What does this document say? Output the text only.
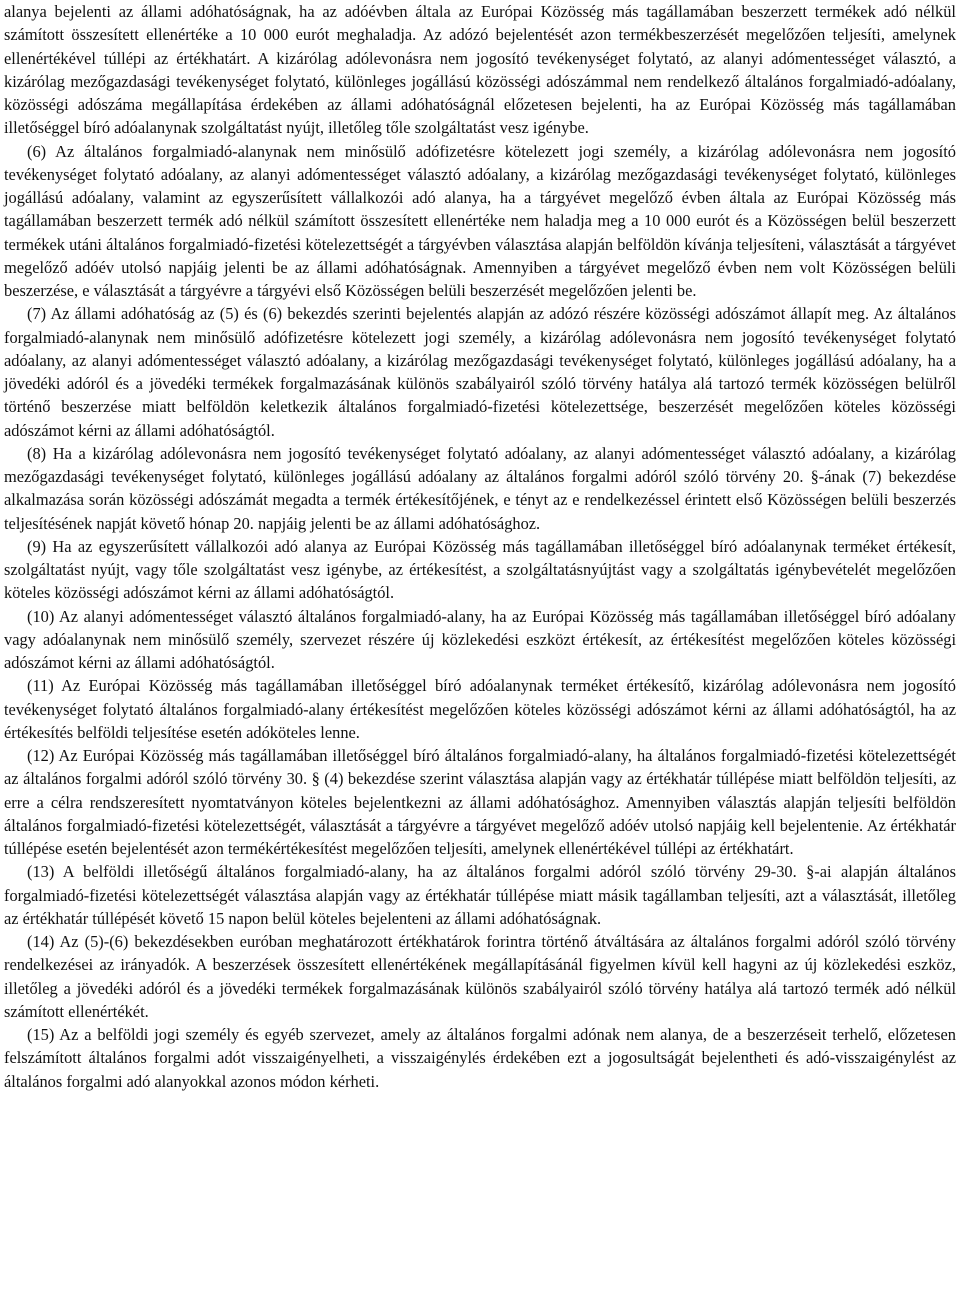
alanya bejelenti az állami adóhatóságnak, ha az adóévben általa az Európai Közösség más tagállamában beszerzett termékek adó nélkül számított összesített ellenértéke a 10 000 eurót meghaladja. Az adózó bejelentését azon termékbeszerzését megelőzően teljesíti, amelynek ellenértékével túllépi az értékhatárt. A kizárólag adólevonásra nem jogosító tevékenységet folytató, az alanyi adómentességet választó, a kizárólag mezőgazdasági tevékenységet folytató, különleges jogállású közösségi adószámmal nem rendelkező általános forgalmiadó-adóalany, közösségi adószáma megállapítása érdekében az állami adóhatóságnál előzetesen bejelenti, ha az Európai Közösség más tagállamában illetőséggel bíró adóalanynak szolgáltatást nyújt, illetőleg tőle szolgáltatást vesz igénybe.

(6) Az általános forgalmiadó-alanynak nem minősülő adófizetésre kötelezett jogi személy, a kizárólag adólevonásra nem jogosító tevékenységet folytató adóalany, az alanyi adómentességet választó adóalany, a kizárólag mezőgazdasági tevékenységet folytató, különleges jogállású adóalany, valamint az egyszerűsített vállalkozói adó alanya, ha a tárgyévet megelőző évben általa az Európai Közösség más tagállamában beszerzett termék adó nélkül számított összesített ellenértéke nem haladja meg a 10 000 eurót és a Közösségen belül beszerzett termékek utáni általános forgalmiadó-fizetési kötelezettségét a tárgyévben választása alapján belföldön kívánja teljesíteni, választását a tárgyévet megelőző adóév utolsó napjáig jelenti be az állami adóhatóságnak. Amennyiben a tárgyévet megelőző évben nem volt Közösségen belüli beszerzése, e választását a tárgyévre a tárgyévi első Közösségen belüli beszerzését megelőzően jelenti be.

(7) Az állami adóhatóság az (5) és (6) bekezdés szerinti bejelentés alapján az adózó részére közösségi adószámot állapít meg. Az általános forgalmiadó-alanynak nem minősülő adófizetésre kötelezett jogi személy, a kizárólag adólevonásra nem jogosító tevékenységet folytató adóalany, az alanyi adómentességet választó adóalany, a kizárólag mezőgazdasági tevékenységet folytató, különleges jogállású adóalany, ha a jövedéki adóról és a jövedéki termékek forgalmazásának különös szabályairól szóló törvény hatálya alá tartozó termék közösségen belülről történő beszerzése miatt belföldön keletkezik általános forgalmiadó-fizetési kötelezettsége, beszerzését megelőzően köteles közösségi adószámot kérni az állami adóhatóságtól.

(8) Ha a kizárólag adólevonásra nem jogosító tevékenységet folytató adóalany, az alanyi adómentességet választó adóalany, a kizárólag mezőgazdasági tevékenységet folytató, különleges jogállású adóalany az általános forgalmi adóról szóló törvény 20. §-ának (7) bekezdése alkalmazása során közösségi adószámát megadta a termék értékesítőjének, e tényt az e rendelkezéssel érintett első Közösségen belüli beszerzés teljesítésének napját követő hónap 20. napjáig jelenti be az állami adóhatósághoz.

(9) Ha az egyszerűsített vállalkozói adó alanya az Európai Közösség más tagállamában illetőséggel bíró adóalanynak terméket értékesít, szolgáltatást nyújt, vagy tőle szolgáltatást vesz igénybe, az értékesítést, a szolgáltatásnyújtást vagy a szolgáltatás igénybevételét megelőzően köteles közösségi adószámot kérni az állami adóhatóságtól.

(10) Az alanyi adómentességet választó általános forgalmiadó-alany, ha az Európai Közösség más tagállamában illetőséggel bíró adóalany vagy adóalanynak nem minősülő személy, szervezet részére új közlekedési eszközt értékesít, az értékesítést megelőzően köteles közösségi adószámot kérni az állami adóhatóságtól.

(11) Az Európai Közösség más tagállamában illetőséggel bíró adóalanynak terméket értékesítő, kizárólag adólevonásra nem jogosító tevékenységet folytató általános forgalmiadó-alany értékesítést megelőzően köteles közösségi adószámot kérni az állami adóhatóságtól, ha az értékesítés belföldi teljesítése esetén adóköteles lenne.

(12) Az Európai Közösség más tagállamában illetőséggel bíró általános forgalmiadó-alany, ha általános forgalmiadó-fizetési kötelezettségét az általános forgalmi adóról szóló törvény 30. § (4) bekezdése szerint választása alapján vagy az értékhatár túllépése miatt belföldön teljesíti, az erre a célra rendszeresített nyomtatványon köteles bejelentkezni az állami adóhatósághoz. Amennyiben választás alapján teljesíti belföldön általános forgalmiadó-fizetési kötelezettségét, választását a tárgyévre a tárgyévet megelőző adóév utolsó napjáig kell bejelentenie. Az értékhatár túllépése esetén bejelentését azon termékértékesítést megelőzően teljesíti, amelynek ellenértékével túllépi az értékhatárt.

(13) A belföldi illetőségű általános forgalmiadó-alany, ha az általános forgalmi adóról szóló törvény 29-30. §-ai alapján általános forgalmiadó-fizetési kötelezettségét választása alapján vagy az értékhatár túllépése miatt másik tagállamban teljesíti, azt a választását, illetőleg az értékhatár túllépését követő 15 napon belül köteles bejelenteni az állami adóhatóságnak.

(14) Az (5)-(6) bekezdésekben euróban meghatározott értékhatárok forintra történő átváltására az általános forgalmi adóról szóló törvény rendelkezései az irányadók. A beszerzések összesített ellenértékének megállapításánál figyelmen kívül kell hagyni az új közlekedési eszköz, illetőleg a jövedéki adóról és a jövedéki termékek forgalmazásának különös szabályairól szóló törvény hatálya alá tartozó termék adó nélkül számított ellenértékét.

(15) Az a belföldi jogi személy és egyéb szervezet, amely az általános forgalmi adónak nem alanya, de a beszerzéseit terhelő, előzetesen felszámított általános forgalmi adót visszaigényelheti, a visszaigénylés érdekében ezt a jogosultságát bejelentheti és adó-visszaigénylést az általános forgalmi adó alanyokkal azonos módon kérheti.
